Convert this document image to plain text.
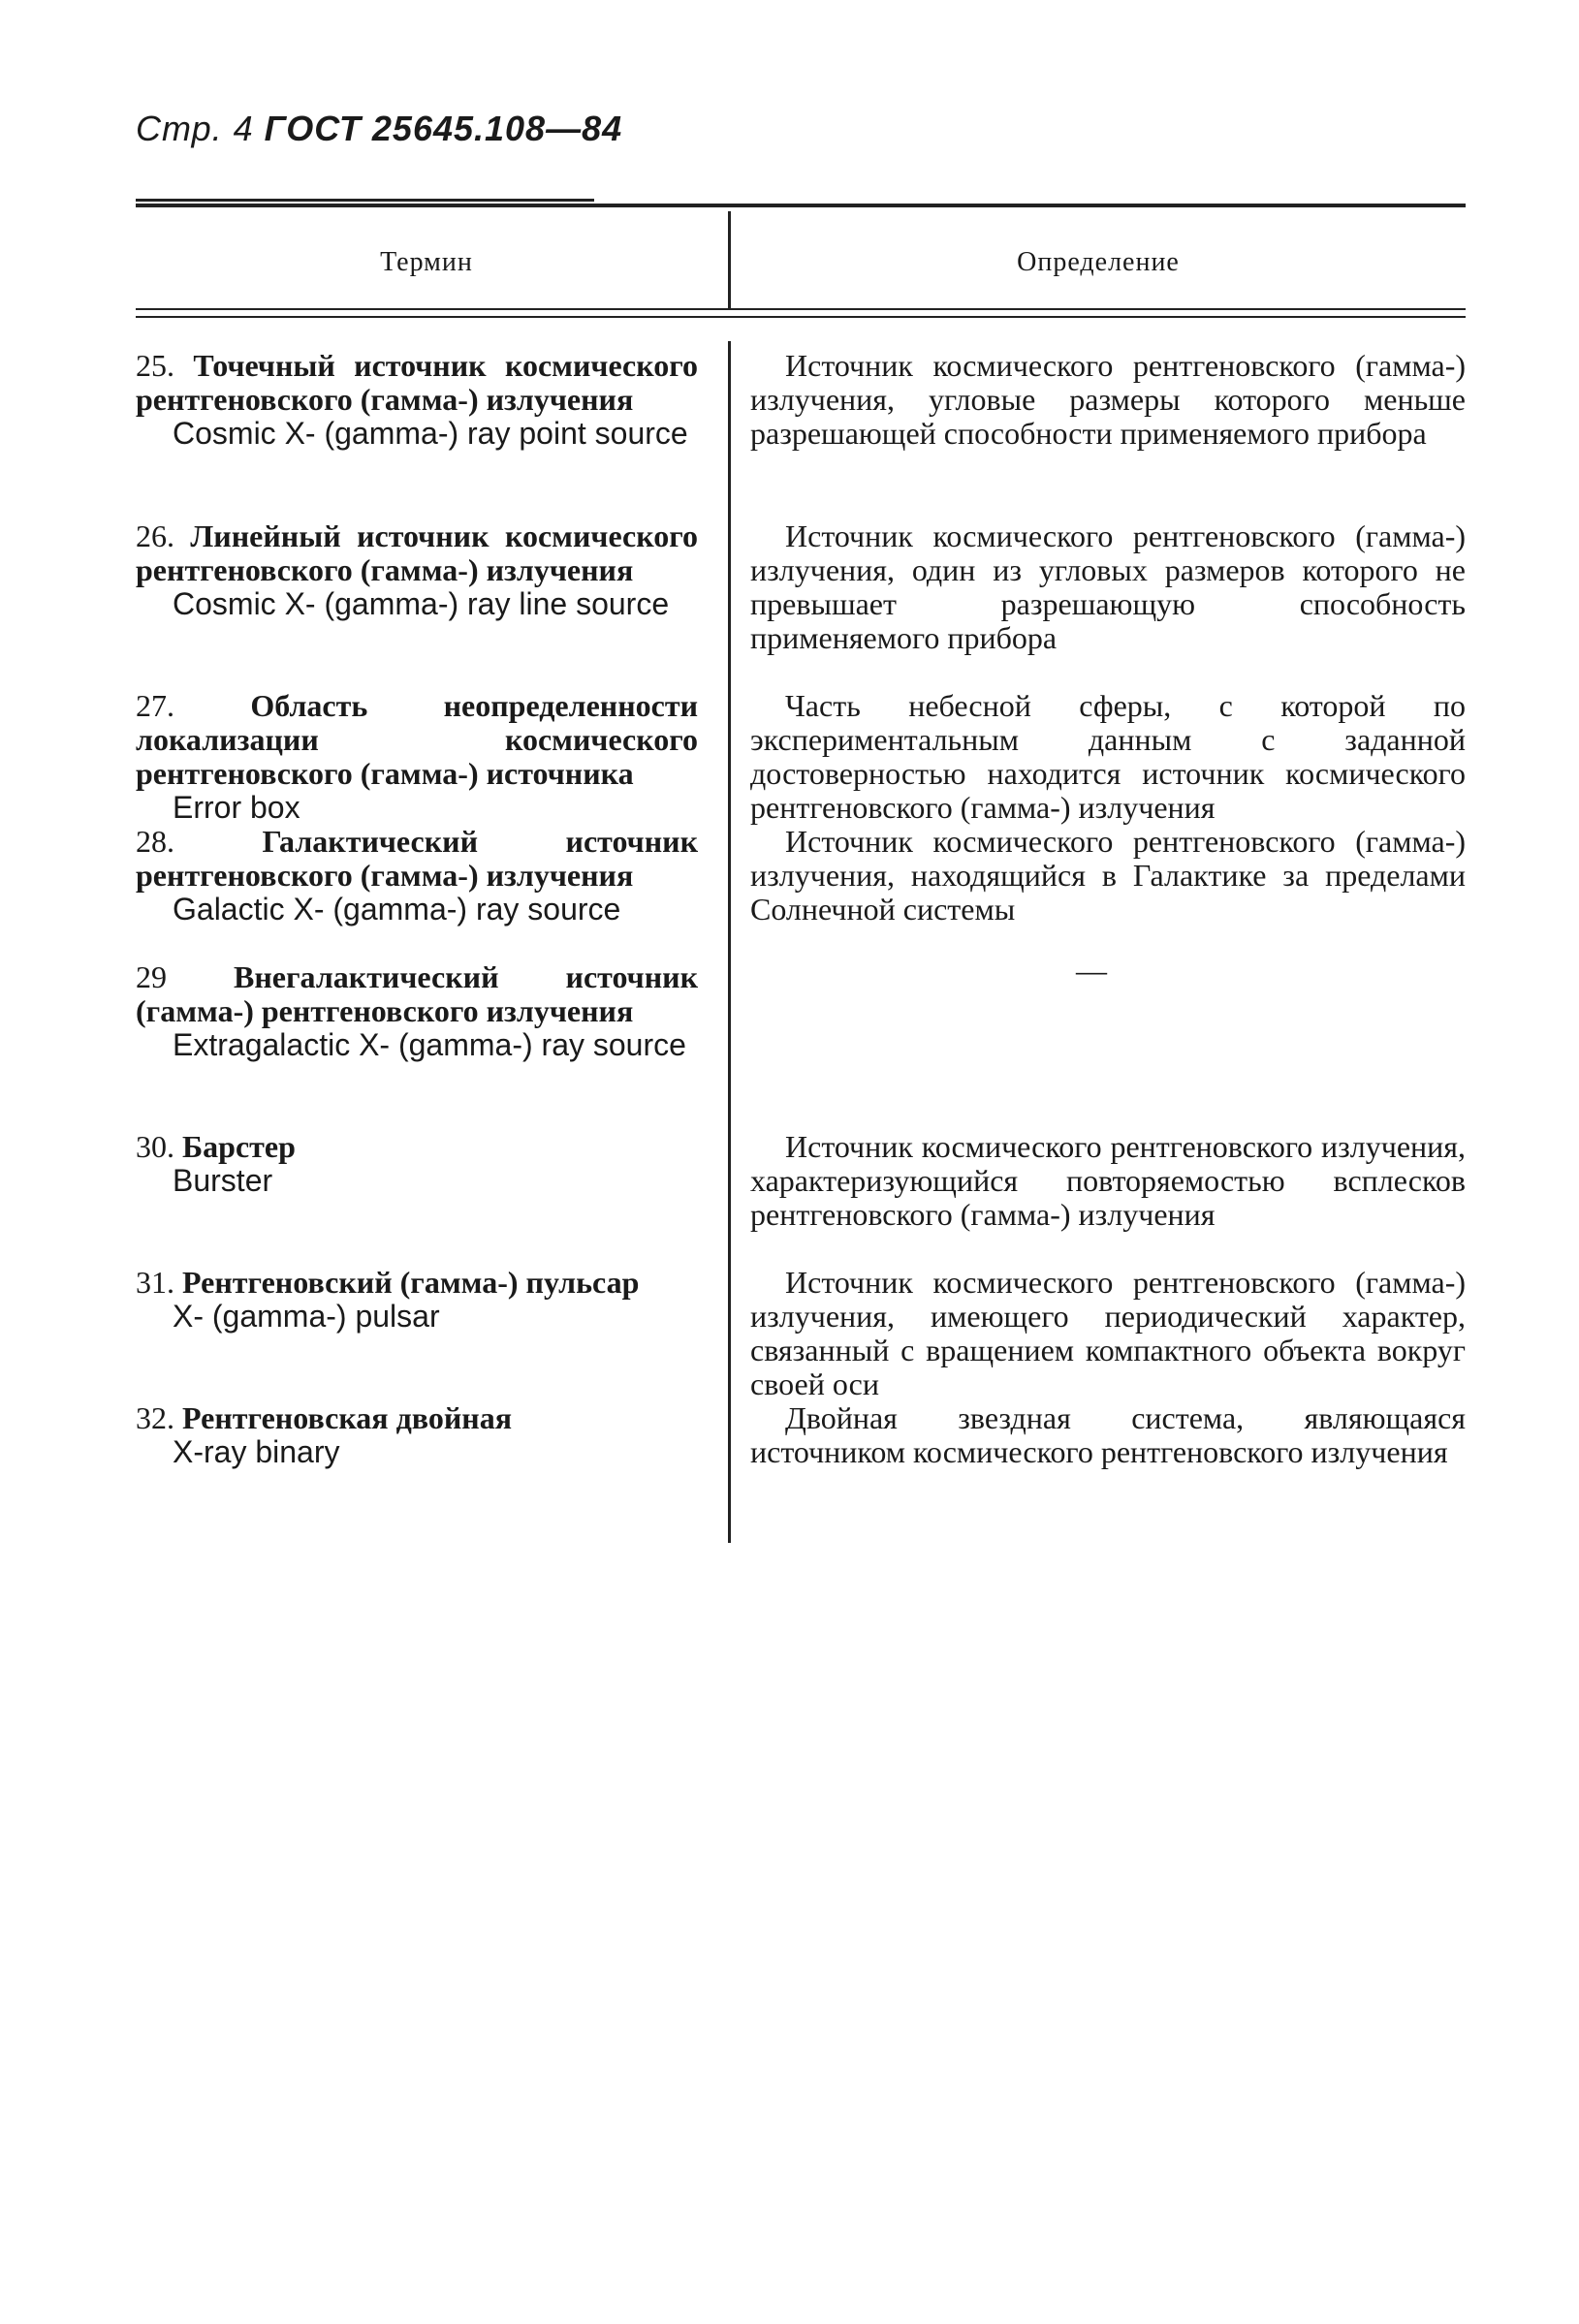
Стр. 4 ГОСТ 25645.108—84
Термин	Определение
25. Точечный источник космического рентгеновского (гамма-) излучения
Cosmic X- (gamma-) ray point source
Источник космического рентгеновского (гамма-) излучения, угловые размеры которого меньше разрешающей способности применяемого прибора
26. Линейный источник космического рентгеновского (гамма-) излучения
Cosmic X- (gamma-) ray line source
Источник космического рентгеновского (гамма-) излучения, один из угловых размеров которого не превышает разрешающую способность применяемого прибора
27. Область неопределенности локализации космического рентгеновского (гамма-) источника
Error box
Часть небесной сферы, с которой по экспериментальным данным с заданной достоверностью находится источник космического рентгеновского (гамма-) излучения
28.	Галактический источник рентгеновского (гамма-) излучения
Galactic X- (gamma-) ray source
Источник космического рентгеновского (гамма-) излучения, находящийся в Галактике за пределами Солнечной системы
29 Внегалактический источник (гамма-) рентгеновского излучения
Extragalactic X- (gamma-) ray source
—
30. Барстер
Burster
Источник космического рентгеновского излучения, характеризующийся повторяемостью всплесков рентгеновского (гамма-) излучения
31. Рентгеновский (гамма-) пульсар
X- (gamma-) pulsar
Источник космического рентгеновского (гамма-) излучения, имеющего периодический характер, связанный с вращением компактного объекта вокруг своей оси
32. Рентгеновская двойная
X-ray binary
Двойная звездная система, являющаяся источником космического рентгеновского излучения
